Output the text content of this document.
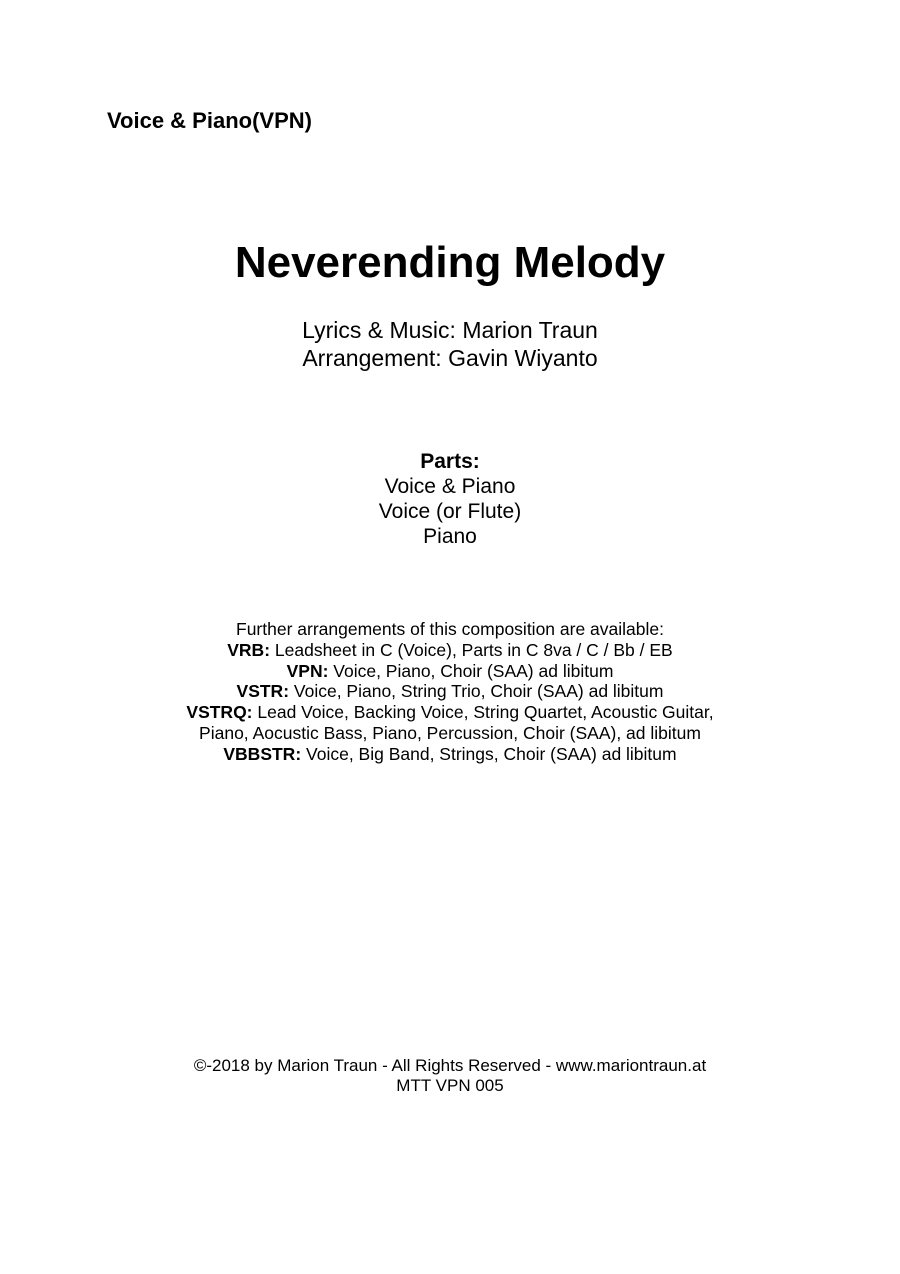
Voice & Piano(VPN)
Neverending Melody
Lyrics & Music: Marion Traun
Arrangement: Gavin Wiyanto
Parts:
Voice & Piano
Voice (or Flute)
Piano
Further arrangements of this composition are available:
VRB: Leadsheet in C (Voice), Parts in C 8va / C / Bb / EB
VPN: Voice, Piano, Choir (SAA) ad libitum
VSTR: Voice, Piano, String Trio, Choir (SAA) ad libitum
VSTRQ: Lead Voice, Backing Voice, String Quartet, Acoustic Guitar,
Piano, Aocustic Bass, Piano, Percussion, Choir (SAA), ad libitum
VBBSTR: Voice, Big Band, Strings, Choir (SAA) ad libitum
©-2018 by Marion Traun - All Rights Reserved - www.mariontraun.at
MTT VPN 005
